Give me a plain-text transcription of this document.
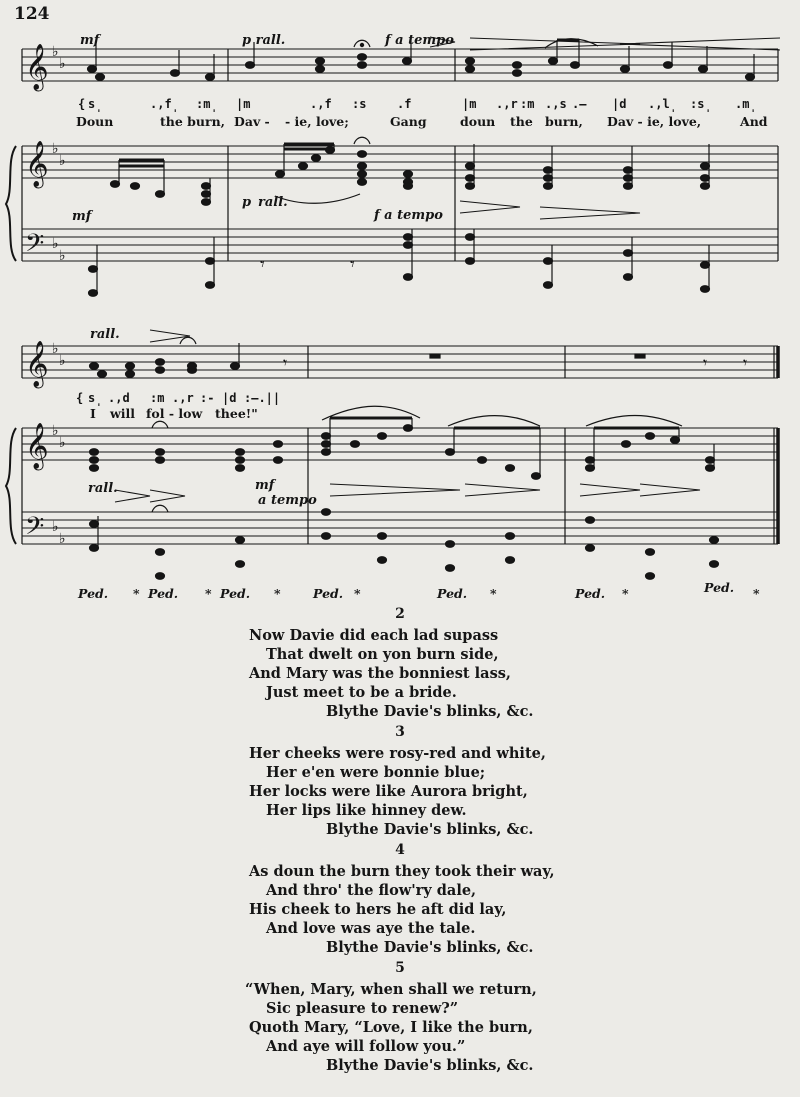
124
𝄞
𝄞
𝄢
♭
♭
♭
♭
♭
♭	𝄾	𝄾
𝄞
𝄞
𝄢
♭
♭
♭
♭
♭
♭
𝄾	𝄾 𝄾
mf	p rall.	f a tempo
mf
p rall.
f a tempo
rall.
rall.	mf
a tempo
{ s̩	.,f̩ :m̩ |m	.,f :s	.f	|m .,r :m .,s .— |d .,l̩ :s̩ .m̩
Doun	the burn, Dav - - ie, love;	Gang	doun the burn, Dav - ie, love,	And
{ s̩ .,d :m .,r :- |d :—.||
I will fol - low thee!"
Ped. * Ped. * Ped. *	Ped. *	Ped. *	Ped. *	Ped. *
2
Now Davie did each lad supass
That dwelt on yon burn side,
And Mary was the bonniest lass,
Just meet to be a bride.
Blythe Davie's blinks, &c.
3
Her cheeks were rosy-red and white,
Her e'en were bonnie blue;
Her locks were like Aurora bright,
Her lips like hinney dew.
Blythe Davie's blinks, &c.
4
As doun the burn they took their way,
And thro' the flow'ry dale,
His cheek to hers he aft did lay,
And love was aye the tale.
Blythe Davie's blinks, &c.
5
“When, Mary, when shall we return,
Sic pleasure to renew?”
Quoth Mary, “Love, I like the burn,
And aye will follow you.”
Blythe Davie's blinks, &c.
